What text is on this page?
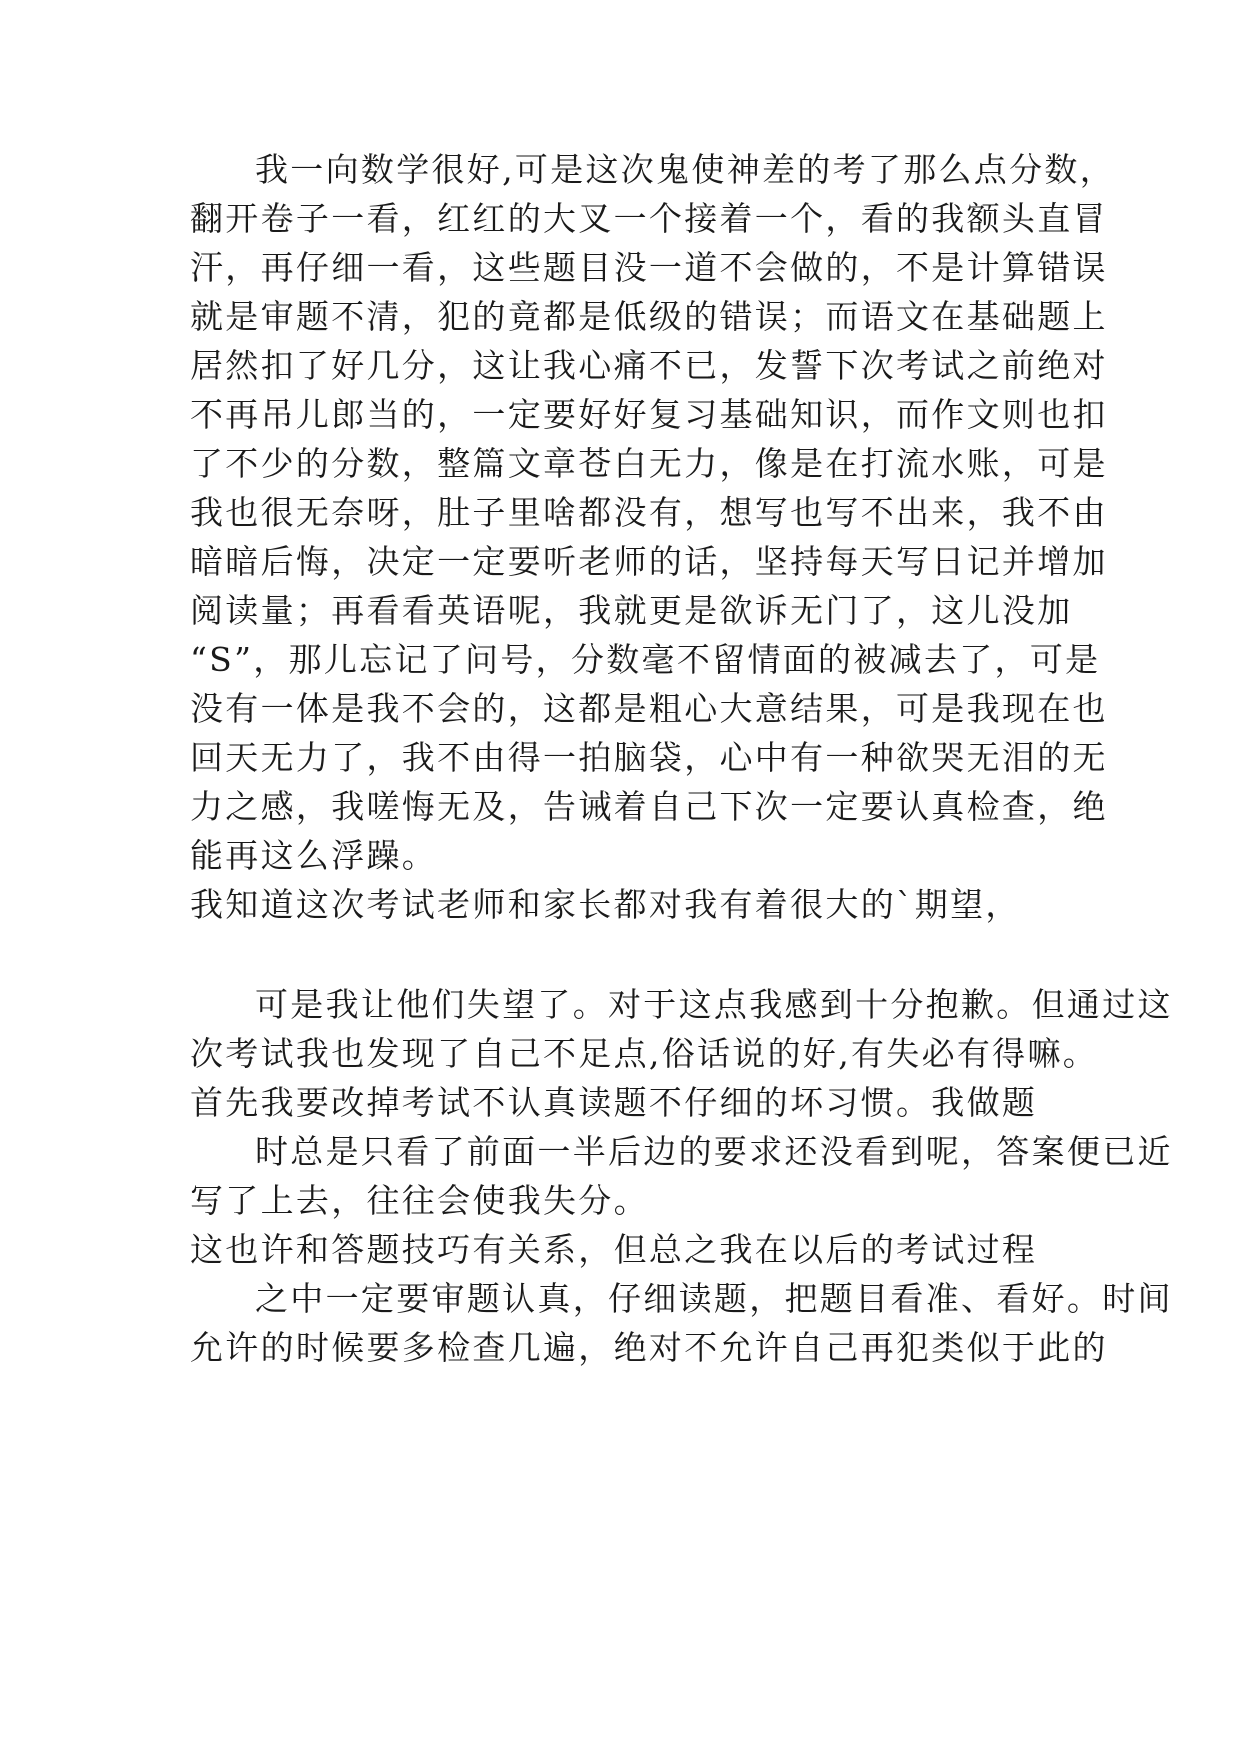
我一向数学很好,可是这次鬼使神差的考了那么点分数，

翻开卷子一看，红红的大叉一个接着一个，看的我额头直冒

汗，再仔细一看，这些题目没一道不会做的，不是计算错误

就是审题不清，犯的竟都是低级的错误；而语文在基础题上

居然扣了好几分，这让我心痛不已，发誓下次考试之前绝对

不再吊儿郎当的，一定要好好复习基础知识，而作文则也扣

了不少的分数，整篇文章苍白无力，像是在打流水账，可是

我也很无奈呀，肚子里啥都没有，想写也写不出来，我不由

暗暗后悔，决定一定要听老师的话，坚持每天写日记并增加

阅读量；再看看英语呢，我就更是欲诉无门了，这儿没加

“S”，那儿忘记了问号，分数毫不留情面的被减去了，可是

没有一体是我不会的，这都是粗心大意结果，可是我现在也

回天无力了，我不由得一拍脑袋，心中有一种欲哭无泪的无

力之感，我嗟悔无及，告诫着自己下次一定要认真检查，绝

能再这么浮躁。

我知道这次考试老师和家长都对我有着很大的`期望，

可是我让他们失望了。对于这点我感到十分抱歉。但通过这

次考试我也发现了自己不足点,俗话说的好,有失必有得嘛。

首先我要改掉考试不认真读题不仔细的坏习惯。我做题

时总是只看了前面一半后边的要求还没看到呢，答案便已近

写了上去，往往会使我失分。

这也许和答题技巧有关系，但总之我在以后的考试过程

之中一定要审题认真，仔细读题，把题目看准、看好。时间

允许的时候要多检查几遍，绝对不允许自己再犯类似于此的
